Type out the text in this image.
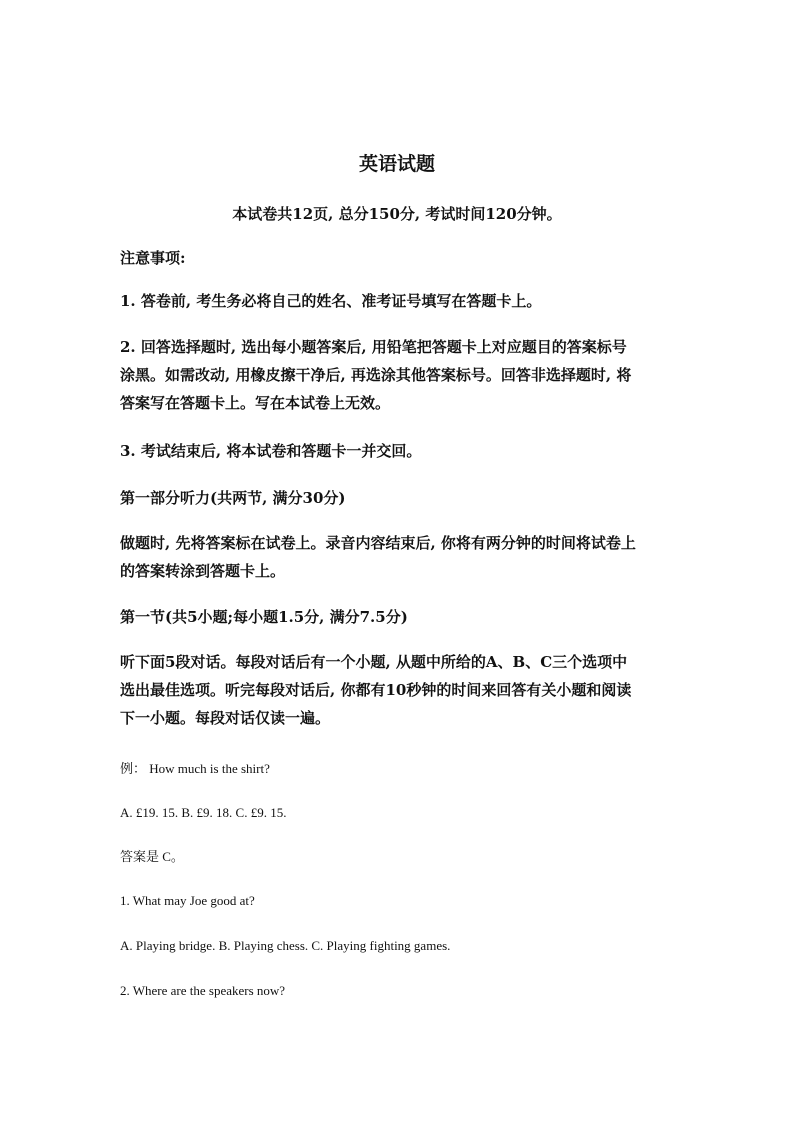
英语试题

本试卷共12页, 总分150分, 考试时间120分钟。

注意事项:

1. 答卷前, 考生务必将自己的姓名、准考证号填写在答题卡上。

2. 回答选择题时, 选出每小题答案后, 用铅笔把答题卡上对应题目的答案标号
涂黑。如需改动, 用橡皮擦干净后, 再选涂其他答案标号。回答非选择题时, 将
答案写在答题卡上。写在本试卷上无效。

3. 考试结束后, 将本试卷和答题卡一并交回。

第一部分听力(共两节, 满分30分)

做题时, 先将答案标在试卷上。录音内容结束后, 你将有两分钟的时间将试卷上
的答案转涂到答题卡上。

第一节(共5小题;每小题1.5分, 满分7.5分)

听下面5段对话。每段对话后有一个小题, 从题中所给的A、B、C三个选项中
选出最佳选项。听完每段对话后, 你都有10秒钟的时间来回答有关小题和阅读
下一小题。每段对话仅读一遍。

例： How much is the shirt?

A. £19. 15. B. £9. 18. C. £9. 15.

答案是 C。

1. What may Joe good at?

A. Playing bridge. B. Playing chess. C. Playing fighting games.

2. Where are the speakers now?
